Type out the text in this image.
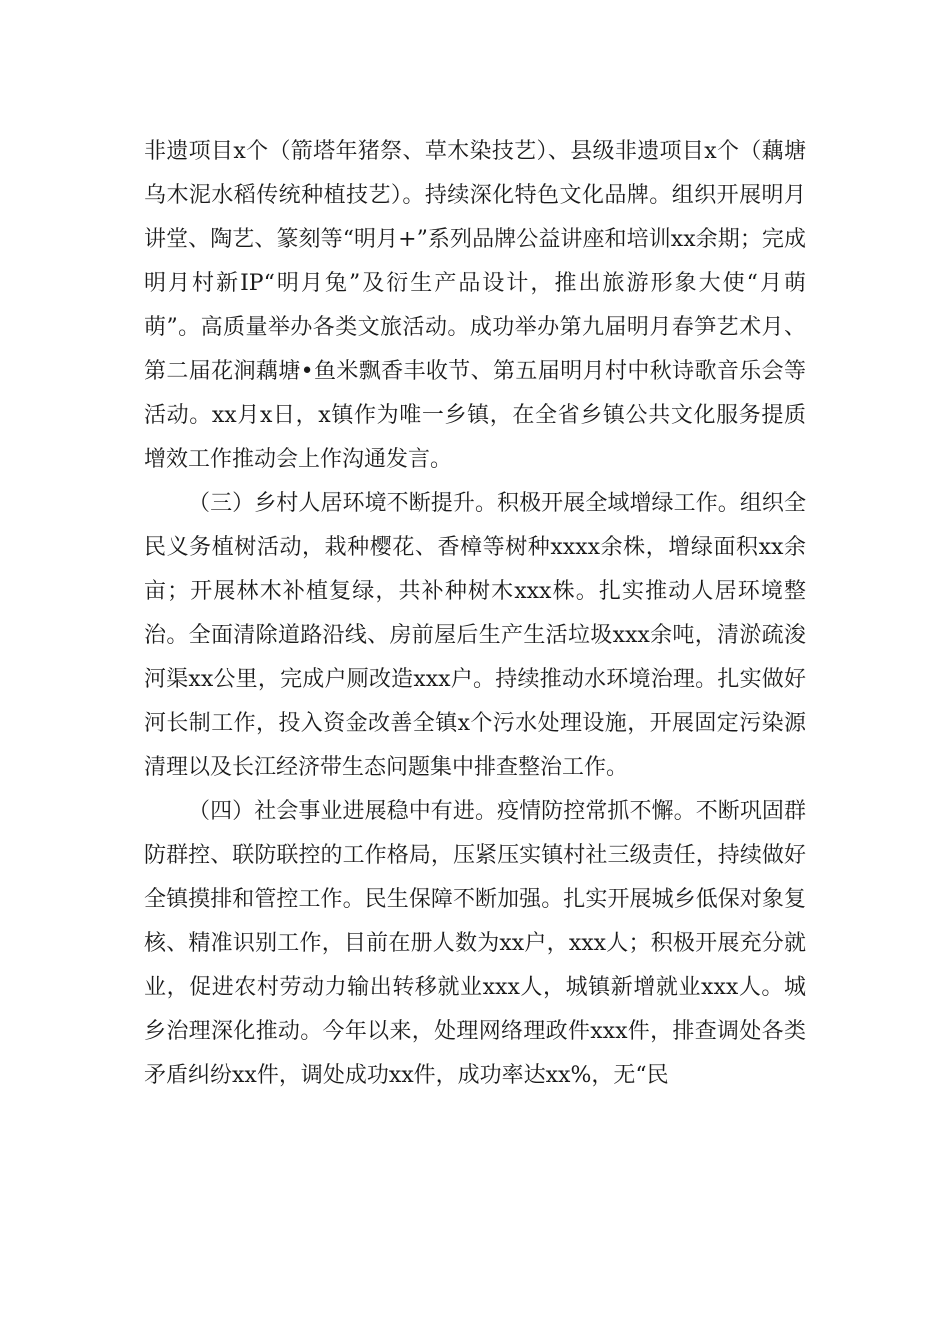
非遗项目x个（箭塔年猪祭、草木染技艺）、县级非遗项目x个（藕塘乌木泥水稻传统种植技艺）。持续深化特色文化品牌。组织开展明月讲堂、陶艺、篆刻等“明月+”系列品牌公益讲座和培训xx余期；完成明月村新IP“明月兔”及衍生产品设计，推出旅游形象大使“月萌萌”。高质量举办各类文旅活动。成功举办第九届明月春笋艺术月、第二届花涧藕塘•鱼米飘香丰收节、第五届明月村中秋诗歌音乐会等活动。xx月x日，x镇作为唯一乡镇，在全省乡镇公共文化服务提质增效工作推动会上作沟通发言。

（三）乡村人居环境不断提升。积极开展全域增绿工作。组织全民义务植树活动，栽种樱花、香樟等树种xxxx余株，增绿面积xx余亩；开展林木补植复绿，共补种树木xxx株。扎实推动人居环境整治。全面清除道路沿线、房前屋后生产生活垃圾xxx余吨，清淤疏浚河渠xx公里，完成户厕改造xxx户。持续推动水环境治理。扎实做好河长制工作，投入资金改善全镇x个污水处理设施，开展固定污染源清理以及长江经济带生态问题集中排查整治工作。

（四）社会事业进展稳中有进。疫情防控常抓不懈。不断巩固群防群控、联防联控的工作格局，压紧压实镇村社三级责任，持续做好全镇摸排和管控工作。民生保障不断加强。扎实开展城乡低保对象复核、精准识别工作，目前在册人数为xx户，xxx人；积极开展充分就业，促进农村劳动力输出转移就业xxx人，城镇新增就业xxx人。城乡治理深化推动。今年以来，处理网络理政件xxx件，排查调处各类矛盾纠纷xx件，调处成功xx件，成功率达xx%，无“民
